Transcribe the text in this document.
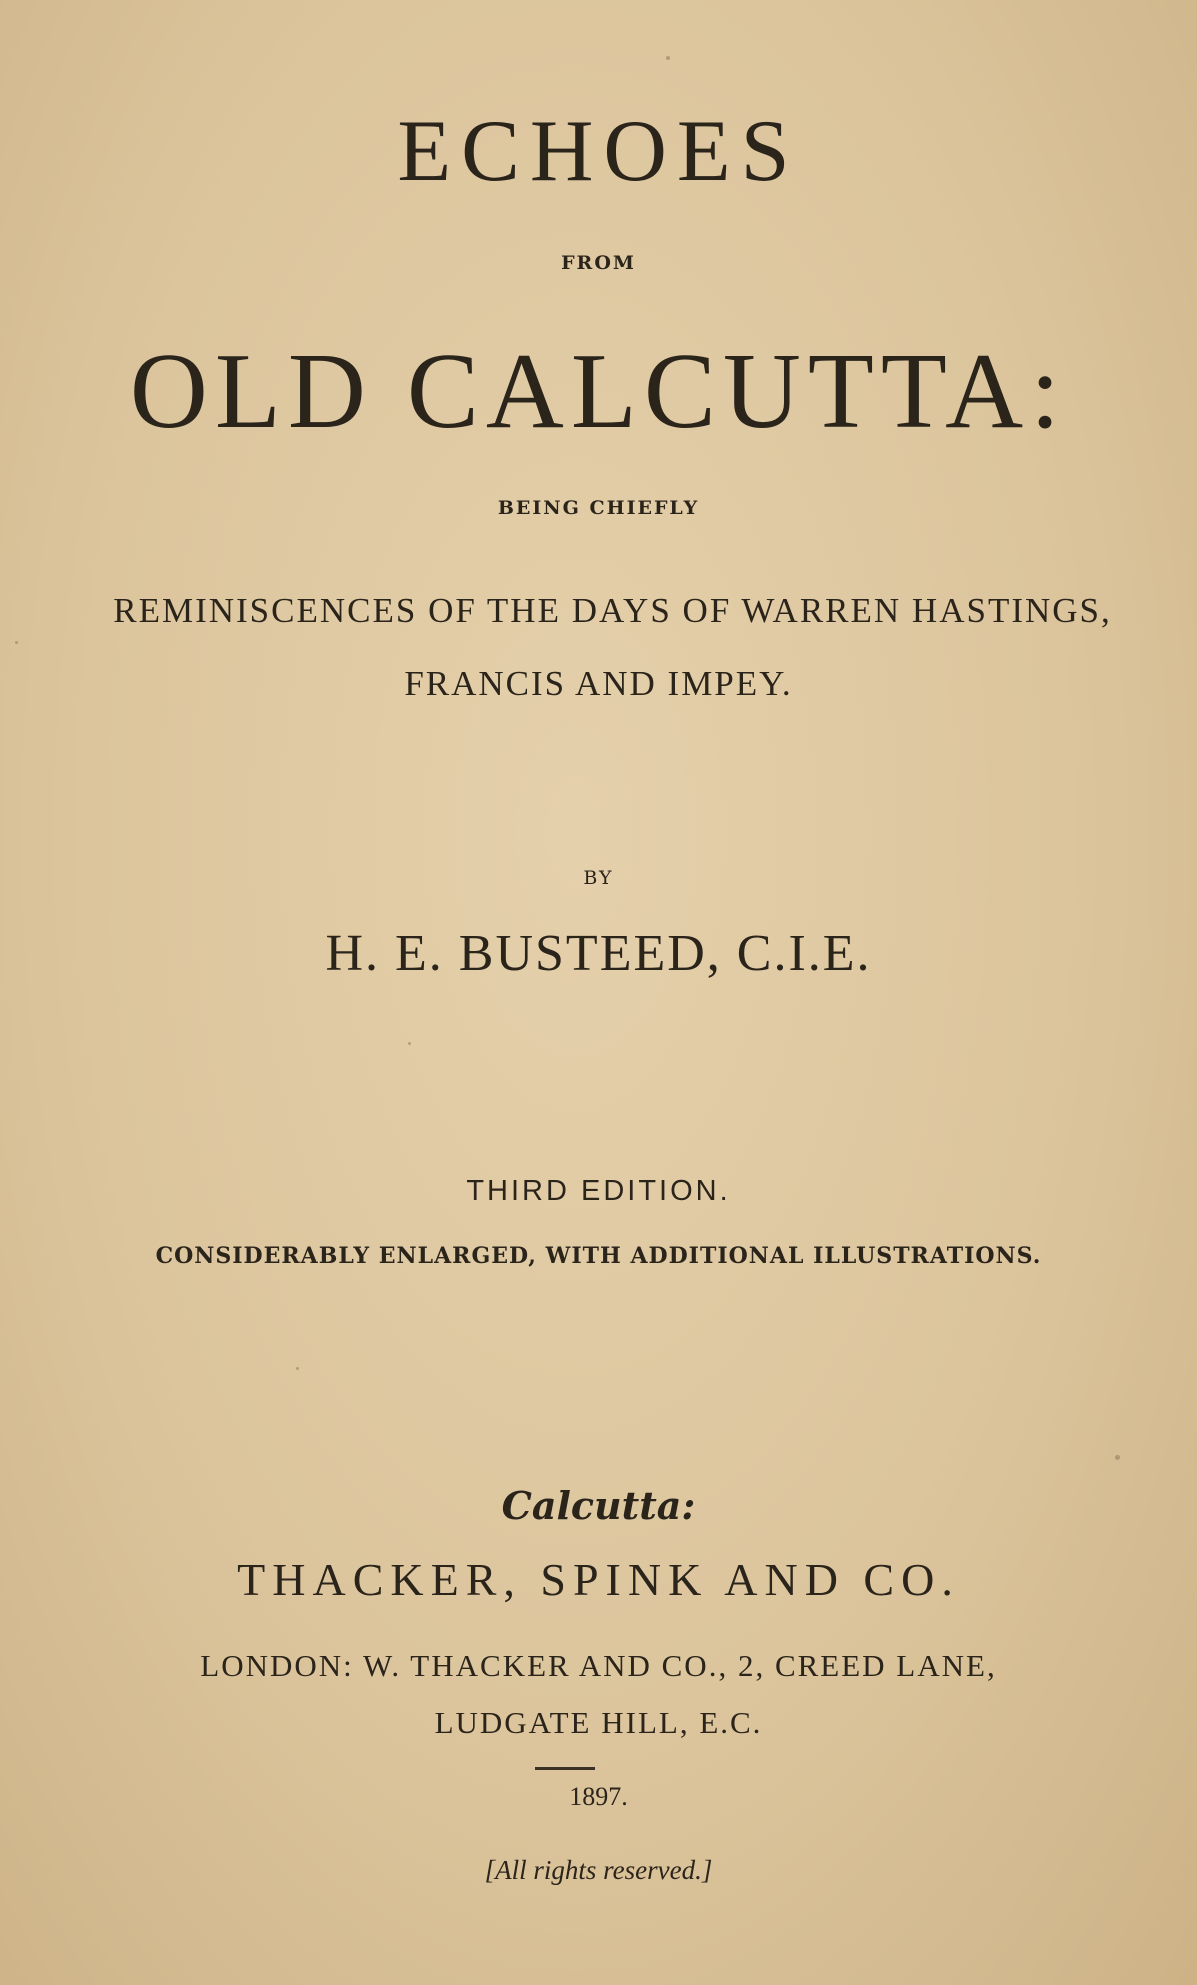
ECHOES
FROM
OLD CALCUTTA:
BEING CHIEFLY
REMINISCENCES OF THE DAYS OF WARREN HASTINGS,
FRANCIS AND IMPEY.
BY
H. E. BUSTEED, C.I.E.
THIRD EDITION.
CONSIDERABLY ENLARGED, WITH ADDITIONAL ILLUSTRATIONS.
Calcutta:
THACKER, SPINK AND CO.
LONDON: W. THACKER AND CO., 2, CREED LANE,
LUDGATE HILL, E.C.
1897.
[All rights reserved.]
